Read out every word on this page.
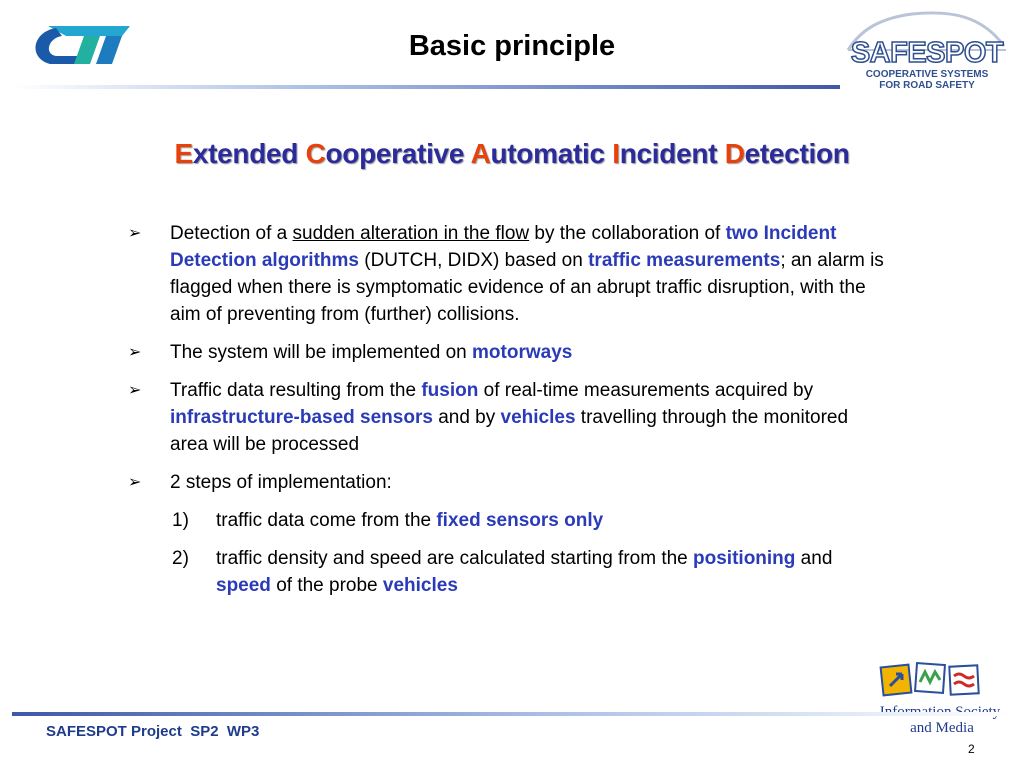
Basic principle	SAFESPOT
COOPERATIVE SYSTEMS
FOR ROAD SAFETY
Extended Cooperative Automatic Incident Detection
➢ Detection of a sudden alteration in the flow by the collaboration of two Incident Detection algorithms (DUTCH, DIDX) based on traffic measurements; an alarm is flagged when there is symptomatic evidence of an abrupt traffic disruption, with the aim of preventing from (further) collisions.
➢ The system will be implemented on motorways
➢ Traffic data resulting from the fusion of real-time measurements acquired by infrastructure-based sensors and by vehicles travelling through the monitored area will be processed
➢ 2 steps of implementation:
1) traffic data come from the fixed sensors only
2) traffic density and speed are calculated starting from the positioning and speed of the probe vehicles
and Media
SAFESPOT Project  SP2  WP3
2
